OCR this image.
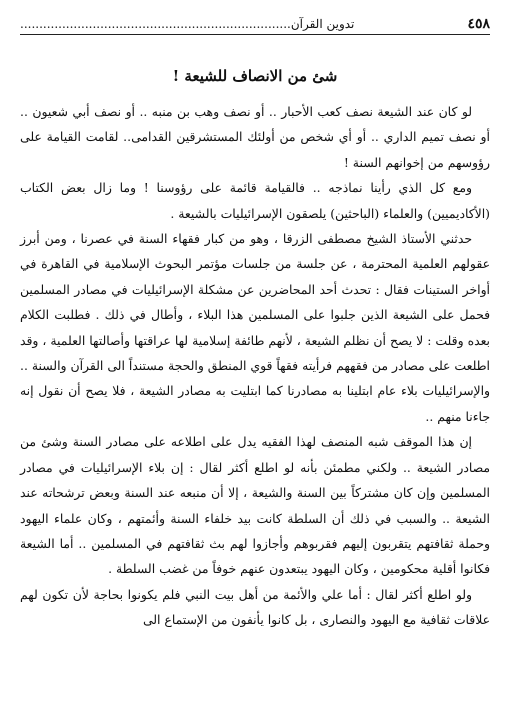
٤٥٨
تدوين القرآن.......................................................................
شئ من الانصاف للشيعة !

لو كان عند الشيعة نصف كعب الأحبار .. أو نصف وهب بن منبه .. أو نصف أبي شعيون .. أو نصف تميم الداري .. أو أي شخص من أولئك المستشرقين القدامى.. لقامت القيامة على رؤوسهم من إخوانهم السنة !

ومع كل الذي رأينا نماذجه .. فالقيامة قائمة على رؤوسنا ! وما زال بعض الكتاب (الأكاديميين) والعلماء (الباحثين) يلصقون الإسرائيليات بالشيعة .

حدثني الأستاذ الشيخ مصطفى الزرقا ، وهو من كبار فقهاء السنة في عصرنا ، ومن أبرز عقولهم العلمية المحترمة ، عن جلسة من جلسات مؤتمر البحوث الإسلامية في القاهرة في أواخر الستينات فقال : تحدث أحد المحاضرين عن مشكلة الإسرائيليات في مصادر المسلمين فحمل على الشيعة الذين جلبوا على المسلمين هذا البلاء ، وأطال في ذلك . فطلبت الكلام بعده وقلت : لا يصح أن نظلم الشيعة ، لأنهم طائفة إسلامية لها عراقتها وأصالتها العلمية ، وقد اطلعت على مصادر من فقههم فرأيته فقهاً قوي المنطق والحجة مستنداً الى القرآن والسنة .. والإسرائيليات بلاء عام ابتلينا به مصادرنا كما ابتليت به مصادر الشيعة ، فلا يصح أن نقول إنه جاءنا منهم ..

إن هذا الموقف شبه المنصف لهذا الفقيه يدل على اطلاعه على مصادر السنة وشئ من مصادر الشيعة .. ولكني مطمئن بأنه لو اطلع أكثر لقال : إن بلاء الإسرائيليات في مصادر المسلمين وإن كان مشتركاً بين السنة والشيعة ، إلا أن منبعه عند السنة وبعض ترشحاته عند الشيعة .. والسبب في ذلك أن السلطة كانت بيد خلفاء السنة وأئمتهم ، وكان علماء اليهود وحملة ثقافتهم يتقربون إليهم فقربوهم وأجازوا لهم بث ثقافتهم في المسلمين .. أما الشيعة فكانوا أقلية محكومين ، وكان اليهود يبتعدون عنهم خوفاً من غضب السلطة .

ولو اطلع أكثر لقال : أما علي والأئمة من أهل بيت النبي فلم يكونوا بحاجة لأن تكون لهم علاقات ثقافية مع اليهود والنصارى ، بل كانوا يأنفون من الإستماع الى
